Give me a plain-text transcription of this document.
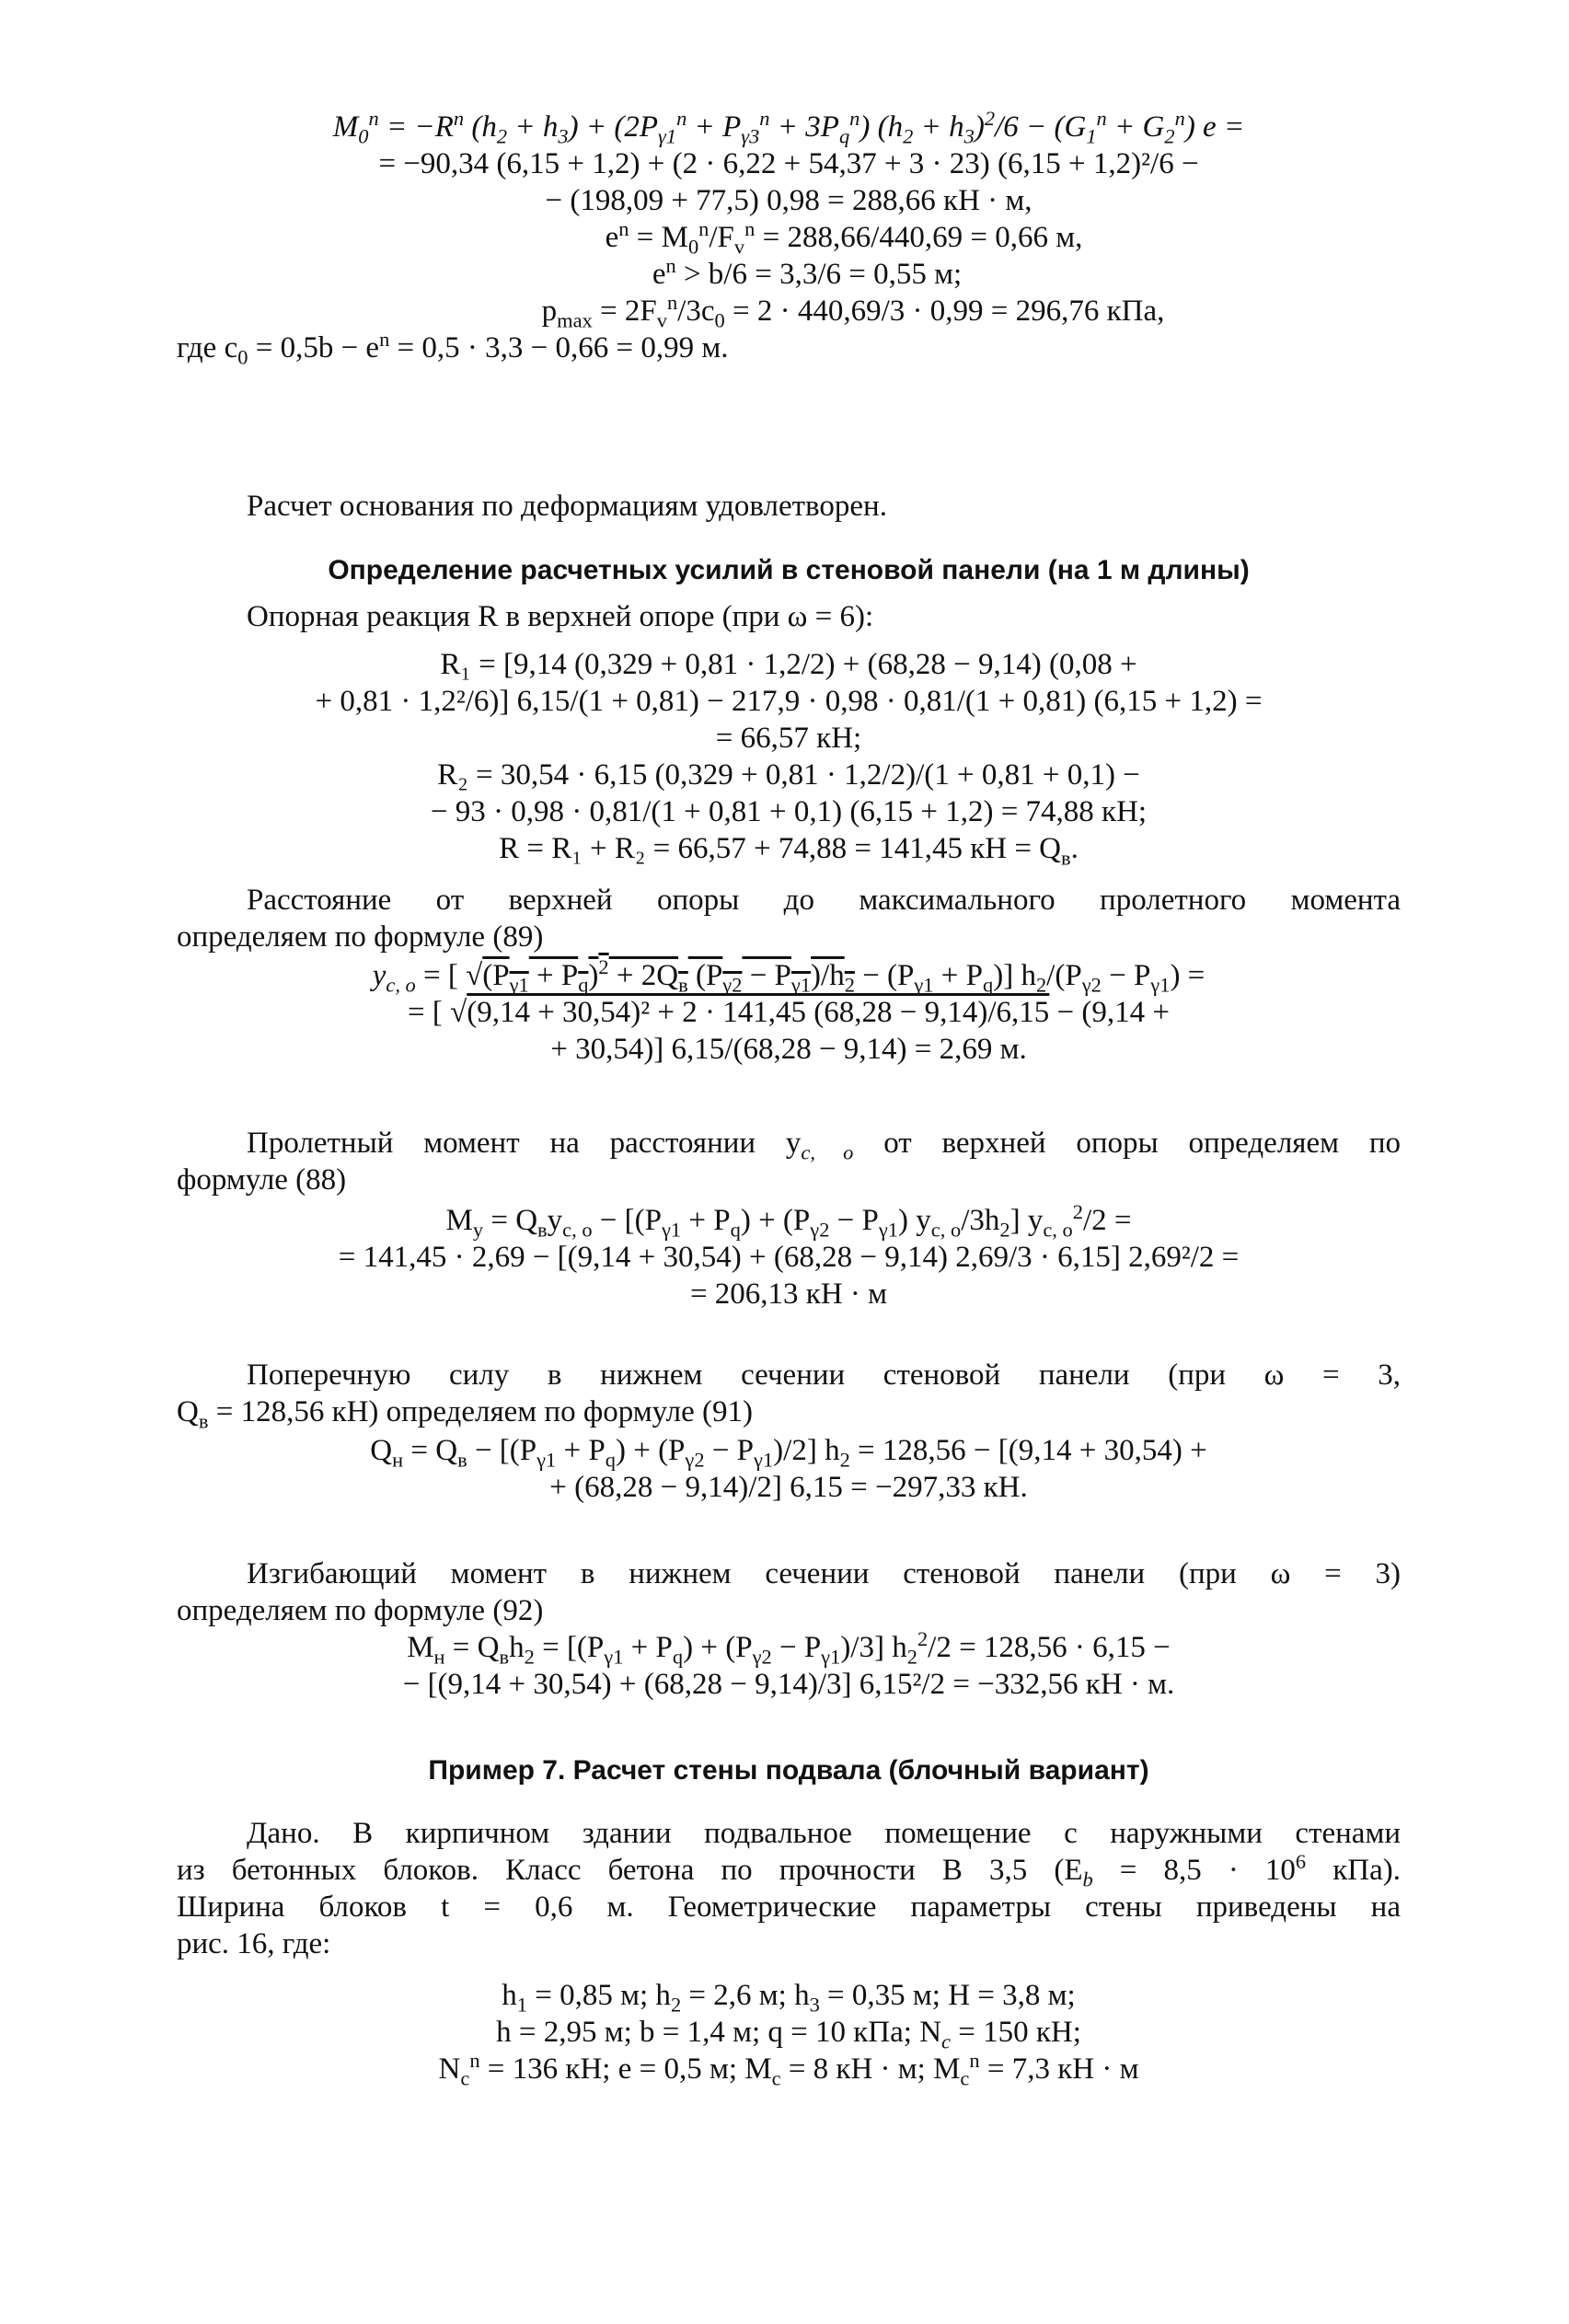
$M_0^n = -R^n$ $(h_2 + h_3) + (2P_{\gamma 1}^n + P_{\gamma 3}^n + 3P_q^n) (h_2 + h_3)^2/6 - (G_1^n + G_2^n) e$ =
= −90,34 (6,15 + 1,2) + (2 · 6,22 + 54,37 + 3 · 23) (6,15 + 1,2)²/6 −
− (198,09 + 77,5) 0,98 = 288,66 кН · м,
$e^n = M_0^n/F_v^n = 288,66/440,69 = 0,66$ м,
$e^n > b/6 = 3,3/6 = 0,55$ м;
$p_{max} = 2F_v^n/3c_0 = 2 \cdot 440,69/3 \cdot 0,99 = 296,76$ кПа,
где $c_0 = 0,5b - e^n = 0,5 \cdot 3,3 - 0,66 = 0,99$ м.
Расчет основания по деформациям удовлетворен.
Определение расчетных усилий в стеновой панели (на 1 м длины)
Опорная реакция R в верхней опоре (при ω = 6):
R₁ = [9,14 (0,329 + 0,81 · 1,2/2) + (68,28 − 9,14) (0,08 +
+ 0,81 · 1,2²/6)] 6,15/(1 + 0,81) − 217,9 · 0,98 · 0,81/(1 + 0,81) (6,15 + 1,2) =
= 66,57 кН;
R₂ = 30,54 · 6,15 (0,329 + 0,81 · 1,2/2)/(1 + 0,81 + 0,1) −
− 93 · 0,98 · 0,81/(1 + 0,81 + 0,1) (6,15 + 1,2) = 74,88 кН;
R = R₁ + R₂ = 66,57 + 74,88 = 141,45 кН = $Q_в$.
Расстояние от верхней опоры до максимального пролетного момента
определяем по формуле (89)
$y_{c, o}$ = [ $√(P_{\gamma 1} + P_q)^2 + 2Q_в$ $(P_{\gamma 2} - P_{\gamma 1})/h_2 - (P_{\gamma 1} + P_q)$] $h_2/(P_{\gamma 2} - P_{\gamma 1})$ =
= [ √(9,14 + 30,54)² + 2 · 141,45 (68,28 − 9,14)/6,15 − (9,14 +
+ 30,54)] 6,15/(68,28 − 9,14) = 2,69 м.
Пролетный момент на расстоянии $y_{c, o}$ от верхней опоры определяем по
формуле (88)
$M_y = Q_вy_{c, o} - [(P_{\gamma 1} + P_q) + (P_{\gamma 2} - P_{\gamma 1})$ $y_{c, o}/3h_2$] $y_{c, o}^2/2$ =
= 141,45 · 2,69 − [(9,14 + 30,54) + (68,28 − 9,14) 2,69/3 · 6,15] 2,69²/2 =
= 206,13 кН · м
Поперечную силу в нижнем сечении стеновой панели (при ω = 3,
$Q_в = 128,56$ кН) определяем по формуле (91)
$Q_н = Q_в - [(P_{\gamma 1} + P_q) + (P_{\gamma 2} - P_{\gamma 1})/2] h_2 = 128,56 - [(9,14 + 30,54)$ +
+ (68,28 − 9,14)/2] 6,15 = −297,33 кН.
Изгибающий момент в нижнем сечении стеновой панели (при ω = 3)
определяем по формуле (92)
$M_н = Q_вh_2 = [(P_{\gamma 1} + P_q) + (P_{\gamma 2} - P_{\gamma 1})/3] h_2^2/2 = 128,56 \cdot 6,15$ −
− [(9,14 + 30,54) + (68,28 − 9,14)/3] 6,15²/2 = −332,56 кН · м.
Пример 7. Расчет стены подвала (блочный вариант)
Дано. В кирпичном здании подвальное помещение с наружными стенами
из бетонных блоков. Класс бетона по прочности В 3,5 ($E_b = 8,5 \cdot 10^6$ кПа).
Ширина блоков t = 0,6 м. Геометрические параметры стены приведены на
рис. 16, где:
$h_1 = 0,85$ м; $h_2 = 2,6$ м; $h_3 = 0,35$ м; H = 3,8 м;
h = 2,95 м; b = 1,4 м; q = 10 кПа; $N_c = 150$ кН;
$N_c^n = 136$ кН; e = 0,5 м; $M_c = 8$ кН · м; $M_c^n = 7,3$ кН · м
